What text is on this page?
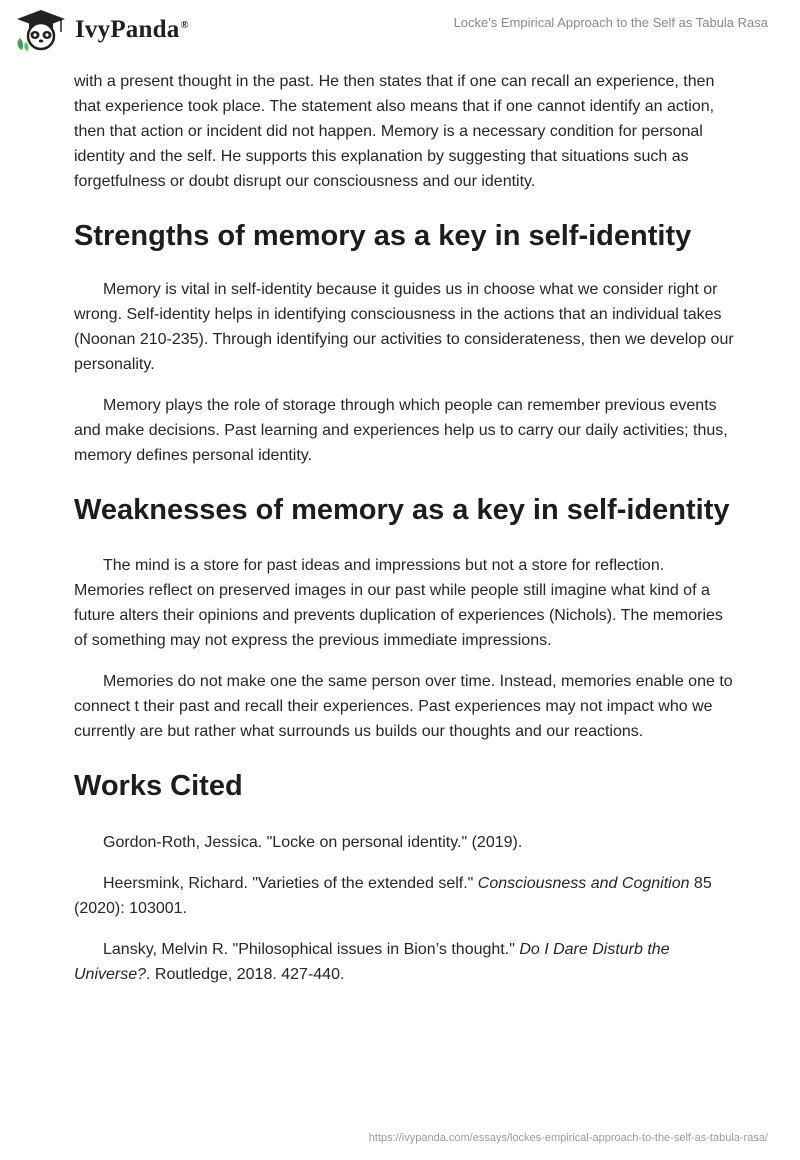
IvyPanda®	Locke's Empirical Approach to the Self as Tabula Rasa

with a present thought in the past. He then states that if one can recall an experience, then that experience took place. The statement also means that if one cannot identify an action, then that action or incident did not happen. Memory is a necessary condition for personal identity and the self. He supports this explanation by suggesting that situations such as forgetfulness or doubt disrupt our consciousness and our identity.

Strengths of memory as a key in self-identity

Memory is vital in self-identity because it guides us in choose what we consider right or wrong. Self-identity helps in identifying consciousness in the actions that an individual takes (Noonan 210-235). Through identifying our activities to considerateness, then we develop our personality.

Memory plays the role of storage through which people can remember previous events and make decisions. Past learning and experiences help us to carry our daily activities; thus, memory defines personal identity.

Weaknesses of memory as a key in self-identity

The mind is a store for past ideas and impressions but not a store for reflection. Memories reflect on preserved images in our past while people still imagine what kind of a future alters their opinions and prevents duplication of experiences (Nichols). The memories of something may not express the previous immediate impressions.

Memories do not make one the same person over time. Instead, memories enable one to connect t their past and recall their experiences. Past experiences may not impact who we currently are but rather what surrounds us builds our thoughts and our reactions.

Works Cited

Gordon-Roth, Jessica. "Locke on personal identity." (2019).

Heersmink, Richard. "Varieties of the extended self." Consciousness and Cognition 85 (2020): 103001.

Lansky, Melvin R. "Philosophical issues in Bion’s thought." Do I Dare Disturb the Universe?. Routledge, 2018. 427-440.

https://ivypanda.com/essays/lockes-empirical-approach-to-the-self-as-tabula-rasa/
